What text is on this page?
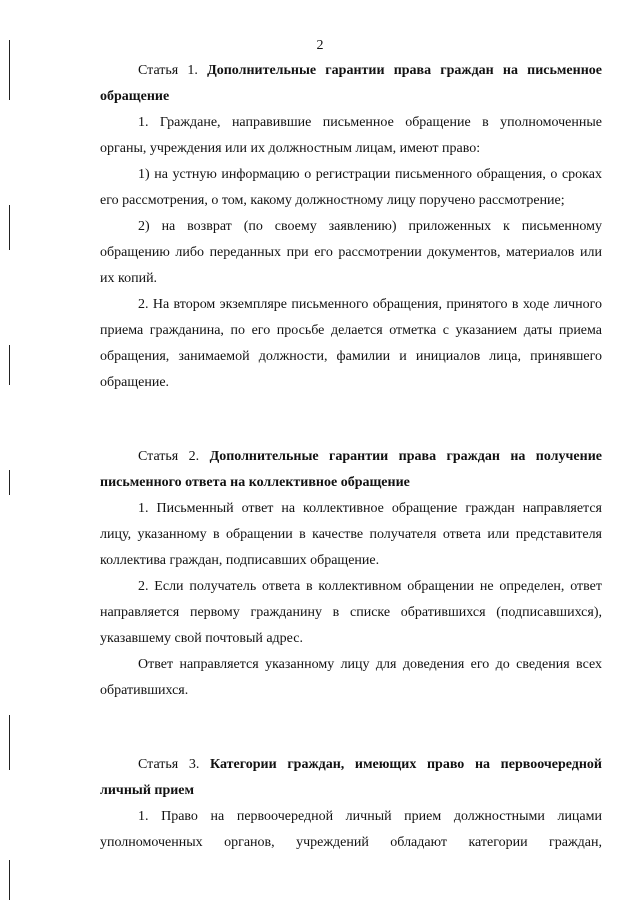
2

Статья 1. Дополнительные гарантии права граждан на письменное обращение

1. Граждане, направившие письменное обращение в уполномоченные органы, учреждения или их должностным лицам, имеют право:

1) на устную информацию о регистрации письменного обращения, о сроках его рассмотрения, о том, какому должностному лицу поручено рассмотрение;

2) на возврат (по своему заявлению) приложенных к письменному обращению либо переданных при его рассмотрении документов, материалов или их копий.

2. На втором экземпляре письменного обращения, принятого в ходе личного приема гражданина, по его просьбе делается отметка с указанием даты приема обращения, занимаемой должности, фамилии и инициалов лица, принявшего обращение.

Статья 2. Дополнительные гарантии права граждан на получение письменного ответа на коллективное обращение

1. Письменный ответ на коллективное обращение граждан направляется лицу, указанному в обращении в качестве получателя ответа или представителя коллектива граждан, подписавших обращение.

2. Если получатель ответа в коллективном обращении не определен, ответ направляется первому гражданину в списке обратившихся (подписавшихся), указавшему свой почтовый адрес.

Ответ направляется указанному лицу для доведения его до сведения всех обратившихся.

Статья 3. Категории граждан, имеющих право на первоочередной личный прием

1. Право на первоочередной личный прием должностными лицами уполномоченных органов, учреждений обладают категории граждан,
